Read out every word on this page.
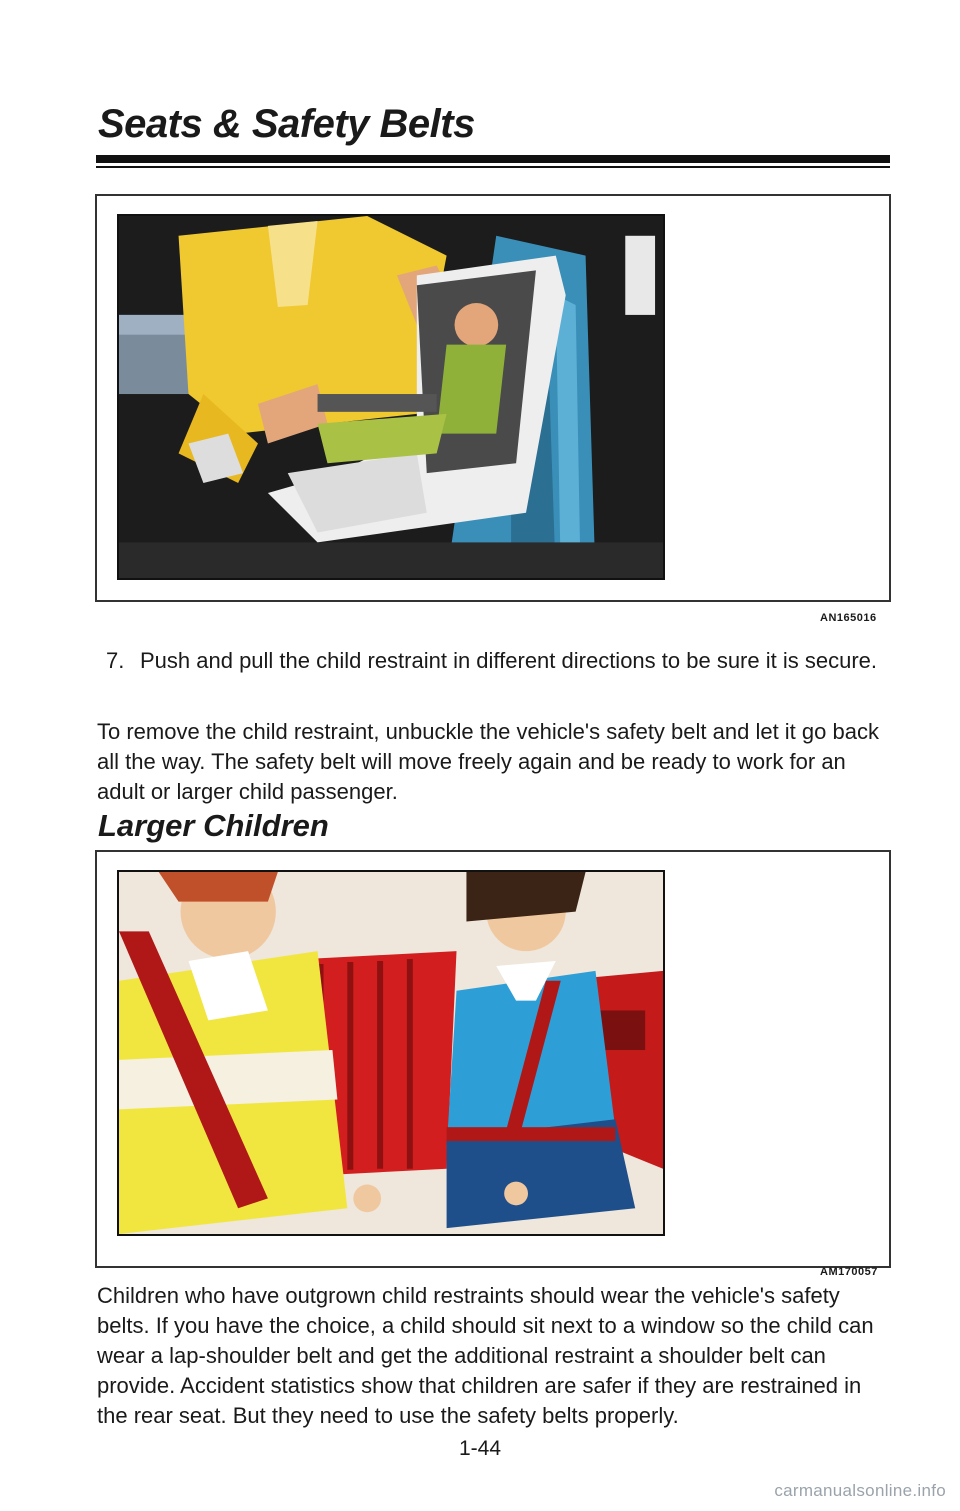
Seats & Safety Belts
AN165016

7. Push and pull the child restraint in different directions to be sure it is secure.

To remove the child restraint, unbuckle the vehicle's safety belt and let it go back all the way. The safety belt will move freely again and be ready to work for an adult or larger child passenger.

Larger Children
AM170057

Children who have outgrown child restraints should wear the vehicle's safety belts. If you have the choice, a child should sit next to a window so the child can wear a lap-shoulder belt and get the additional restraint a shoulder belt can provide. Accident statistics show that children are safer if they are restrained in the rear seat. But they need to use the safety belts properly.

1-44
carmanualsonline.info
